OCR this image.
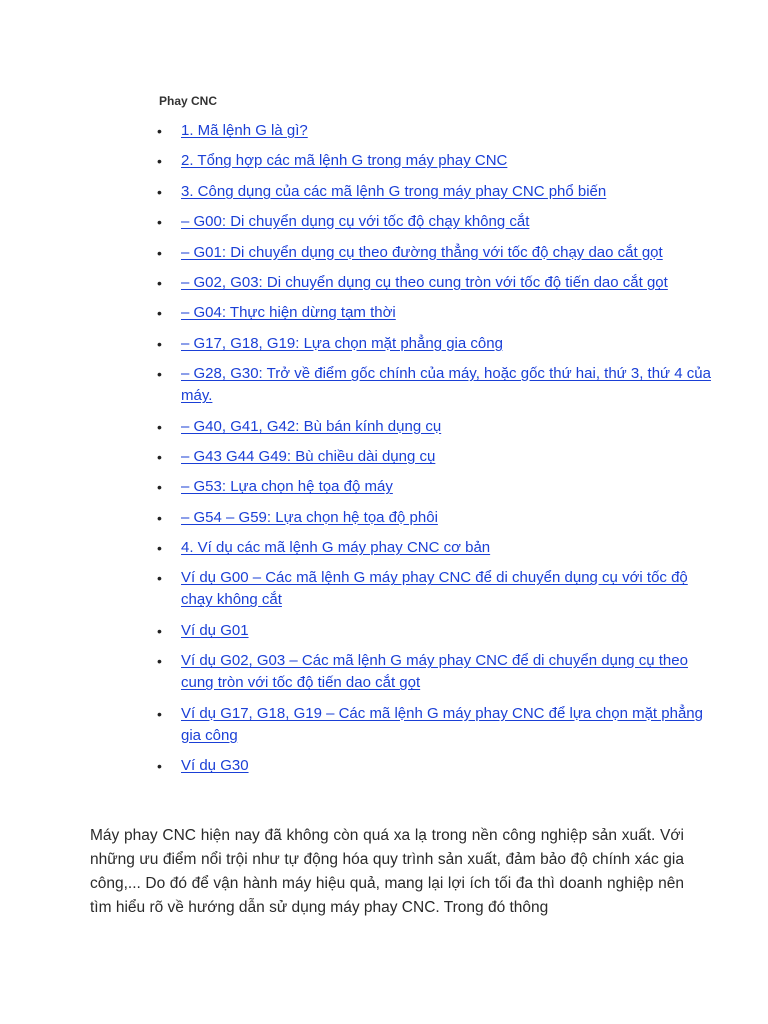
Phay CNC
• 1. Mã lệnh G là gì?
• 2. Tổng hợp các mã lệnh G trong máy phay CNC
• 3. Công dụng của các mã lệnh G trong máy phay CNC phổ biến
• – G00: Di chuyển dụng cụ với tốc độ chạy không cắt
• – G01: Di chuyển dụng cụ theo đường thẳng với tốc độ chạy dao cắt gọt
• – G02, G03: Di chuyển dụng cụ theo cung tròn với tốc độ tiến dao cắt gọt
• – G04: Thực hiện dừng tạm thời
• – G17, G18, G19: Lựa chọn mặt phẳng gia công
• – G28, G30: Trở về điểm gốc chính của máy, hoặc gốc thứ hai, thứ 3, thứ 4 của máy.
• – G40, G41, G42: Bù bán kính dụng cụ
• – G43 G44 G49: Bù chiều dài dụng cụ
• – G53: Lựa chọn hệ tọa độ máy
• – G54 – G59: Lựa chọn hệ tọa độ phôi
• 4. Ví dụ các mã lệnh G máy phay CNC cơ bản
• Ví dụ G00 – Các mã lệnh G máy phay CNC để di chuyển dụng cụ với tốc độ chạy không cắt
• Ví dụ G01
• Ví dụ G02, G03 – Các mã lệnh G máy phay CNC để di chuyển dụng cụ theo cung tròn với tốc độ tiến dao cắt gọt
• Ví dụ G17, G18, G19 – Các mã lệnh G máy phay CNC để lựa chọn mặt phẳng gia công
• Ví dụ G30

Máy phay CNC hiện nay đã không còn quá xa lạ trong nền công nghiệp sản xuất. Với những ưu điểm nổi trội như tự động hóa quy trình sản xuất, đảm bảo độ chính xác gia công,... Do đó để vận hành máy hiệu quả, mang lại lợi ích tối đa thì doanh nghiệp nên tìm hiểu rõ về hướng dẫn sử dụng máy phay CNC. Trong đó thông
